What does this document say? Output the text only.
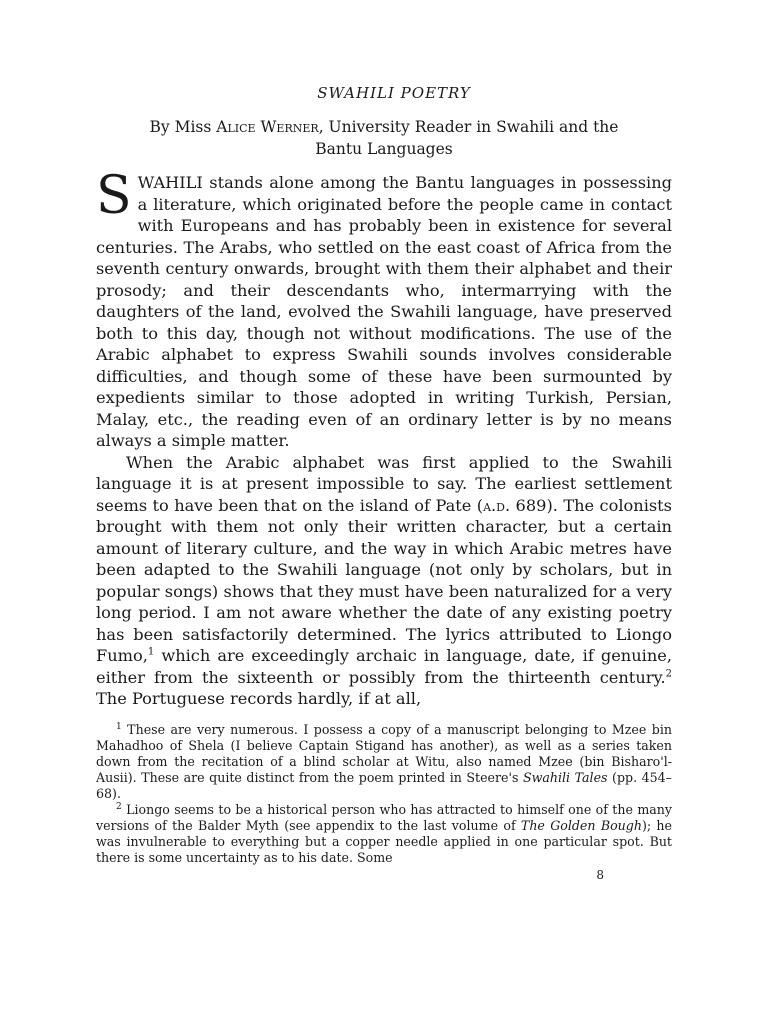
SWAHILI POETRY
By Miss Alice Werner, University Reader in Swahili and the
Bantu Languages

SWAHILI stands alone among the Bantu languages in possessing a literature, which originated before the people came in contact with Europeans and has probably been in existence for several centuries. The Arabs, who settled on the east coast of Africa from the seventh century onwards, brought with them their alphabet and their prosody; and their descendants who, intermarrying with the daughters of the land, evolved the Swahili language, have preserved both to this day, though not without modifications. The use of the Arabic alphabet to express Swahili sounds involves considerable difficulties, and though some of these have been surmounted by expedients similar to those adopted in writing Turkish, Persian, Malay, etc., the reading even of an ordinary letter is by no means always a simple matter.

When the Arabic alphabet was first applied to the Swahili language it is at present impossible to say. The earliest settlement seems to have been that on the island of Pate (a.d. 689). The colonists brought with them not only their written character, but a certain amount of literary culture, and the way in which Arabic metres have been adapted to the Swahili language (not only by scholars, but in popular songs) shows that they must have been naturalized for a very long period. I am not aware whether the date of any existing poetry has been satisfactorily determined. The lyrics attributed to Liongo Fumo,$^1$ which are exceedingly archaic in language, date, if genuine, either from the sixteenth or possibly from the thirteenth century.$^2$ The Portuguese records hardly, if at all,

$^1$ These are very numerous. I possess a copy of a manuscript belonging to Mzee bin Mahadhoo of Shela (I believe Captain Stigand has another), as well as a series taken down from the recitation of a blind scholar at Witu, also named Mzee (bin Bisharo'l-Ausii). These are quite distinct from the poem printed in Steere's Swahili Tales (pp. 454–68).

$^2$ Liongo seems to be a historical person who has attracted to himself one of the many versions of the Balder Myth (see appendix to the last volume of The Golden Bough); he was invulnerable to everything but a copper needle applied in one particular spot. But there is some uncertainty as to his date. Some

8
